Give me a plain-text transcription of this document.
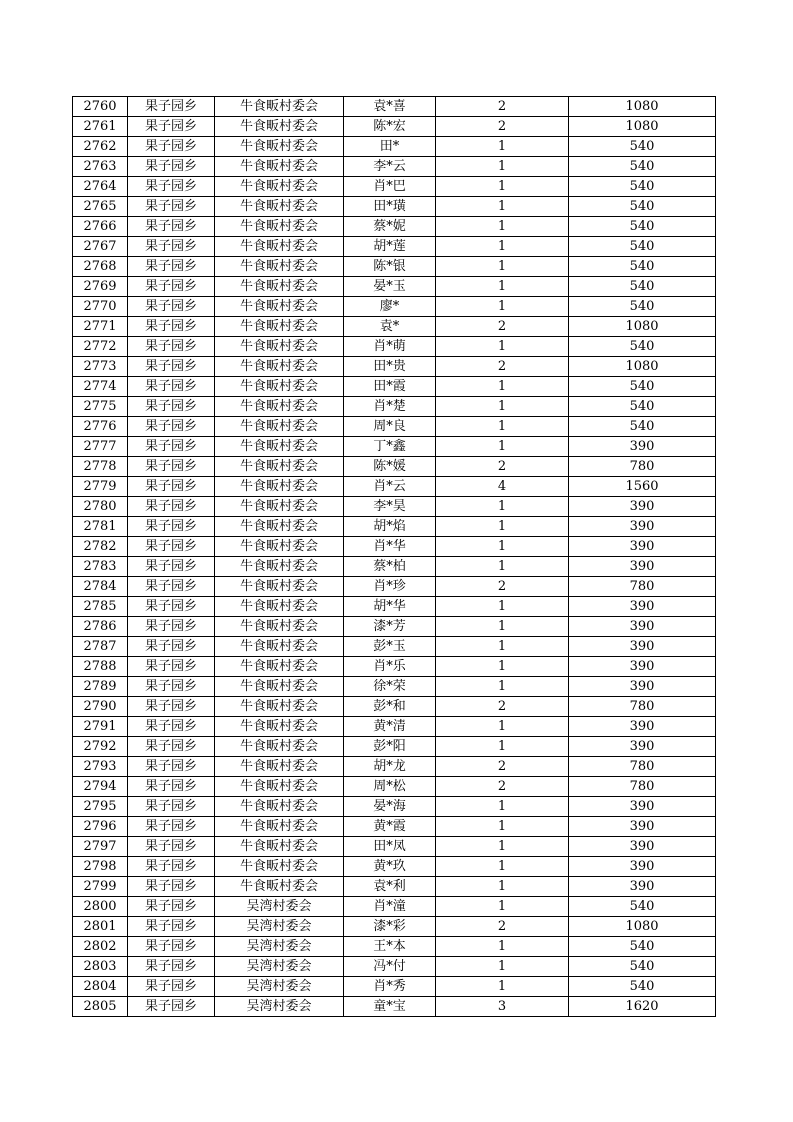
2760	果子园乡	牛食畈村委会	袁*喜	2	1080
2761	果子园乡	牛食畈村委会	陈*宏	2	1080
2762	果子园乡	牛食畈村委会	田*	1	540
2763	果子园乡	牛食畈村委会	李*云	1	540
2764	果子园乡	牛食畈村委会	肖*巴	1	540
2765	果子园乡	牛食畈村委会	田*璜	1	540
2766	果子园乡	牛食畈村委会	蔡*妮	1	540
2767	果子园乡	牛食畈村委会	胡*莲	1	540
2768	果子园乡	牛食畈村委会	陈*银	1	540
2769	果子园乡	牛食畈村委会	晏*玉	1	540
2770	果子园乡	牛食畈村委会	廖*	1	540
2771	果子园乡	牛食畈村委会	袁*	2	1080
2772	果子园乡	牛食畈村委会	肖*萌	1	540
2773	果子园乡	牛食畈村委会	田*贵	2	1080
2774	果子园乡	牛食畈村委会	田*霞	1	540
2775	果子园乡	牛食畈村委会	肖*楚	1	540
2776	果子园乡	牛食畈村委会	周*良	1	540
2777	果子园乡	牛食畈村委会	丁*鑫	1	390
2778	果子园乡	牛食畈村委会	陈*媛	2	780
2779	果子园乡	牛食畈村委会	肖*云	4	1560
2780	果子园乡	牛食畈村委会	李*昊	1	390
2781	果子园乡	牛食畈村委会	胡*焰	1	390
2782	果子园乡	牛食畈村委会	肖*华	1	390
2783	果子园乡	牛食畈村委会	蔡*柏	1	390
2784	果子园乡	牛食畈村委会	肖*珍	2	780
2785	果子园乡	牛食畈村委会	胡*华	1	390
2786	果子园乡	牛食畈村委会	漆*芳	1	390
2787	果子园乡	牛食畈村委会	彭*玉	1	390
2788	果子园乡	牛食畈村委会	肖*乐	1	390
2789	果子园乡	牛食畈村委会	徐*荣	1	390
2790	果子园乡	牛食畈村委会	彭*和	2	780
2791	果子园乡	牛食畈村委会	黄*清	1	390
2792	果子园乡	牛食畈村委会	彭*阳	1	390
2793	果子园乡	牛食畈村委会	胡*龙	2	780
2794	果子园乡	牛食畈村委会	周*松	2	780
2795	果子园乡	牛食畈村委会	晏*海	1	390
2796	果子园乡	牛食畈村委会	黄*霞	1	390
2797	果子园乡	牛食畈村委会	田*凤	1	390
2798	果子园乡	牛食畈村委会	黄*玖	1	390
2799	果子园乡	牛食畈村委会	袁*利	1	390
2800	果子园乡	吴湾村委会	肖*潼	1	540
2801	果子园乡	吴湾村委会	漆*彩	2	1080
2802	果子园乡	吴湾村委会	王*本	1	540
2803	果子园乡	吴湾村委会	冯*付	1	540
2804	果子园乡	吴湾村委会	肖*秀	1	540
2805	果子园乡	吴湾村委会	童*宝	3	1620
